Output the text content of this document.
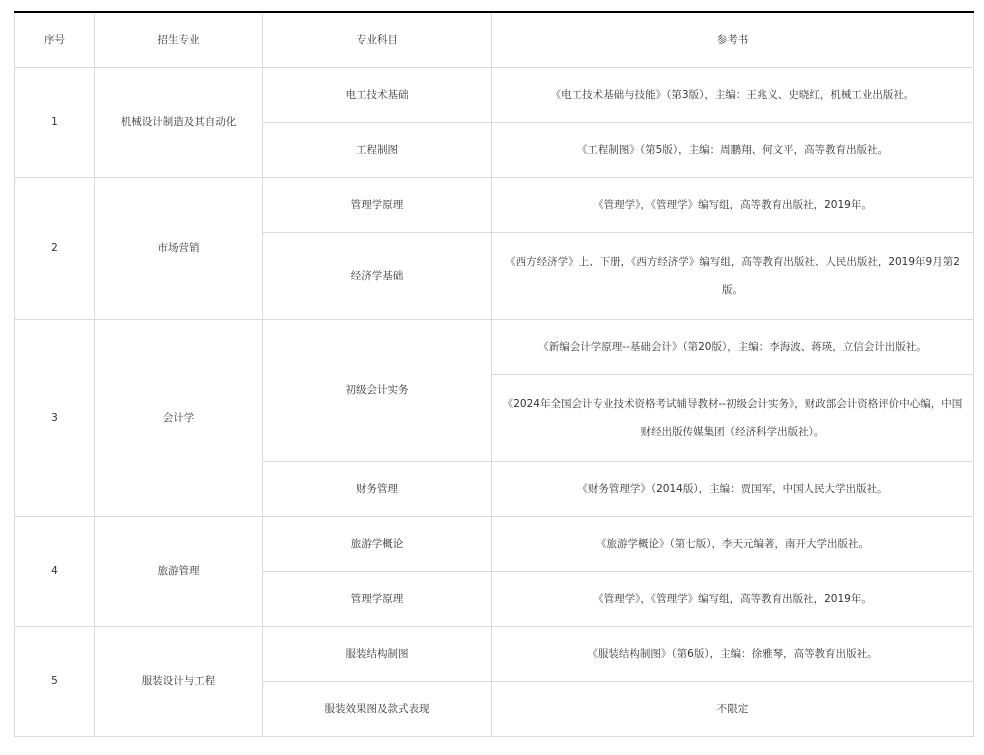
序号	招生专业	专业科目	参考书
1	机械设计制造及其自动化	电工技术基础	《电工技术基础与技能》（第3版），主编：王兆义、史晓红，机械工业出版社。
		工程制图	《工程制图》（第5版），主编：周鹏翔、何文平，高等教育出版社。
2	市场营销	管理学原理	《管理学》，《管理学》编写组，高等教育出版社，2019年。
		经济学基础	《西方经济学》上、下册，《西方经济学》编写组，高等教育出版社、人民出版社，2019年9月第2版。
3	会计学	初级会计实务	《新编会计学原理--基础会计》（第20版），主编：李海波、蒋瑛，立信会计出版社。
			《2024年全国会计专业技术资格考试辅导教材--初级会计实务》，财政部会计资格评价中心编，中国财经出版传媒集团（经济科学出版社）。
		财务管理	《财务管理学》（2014版），主编：贾国军，中国人民大学出版社。
4	旅游管理	旅游学概论	《旅游学概论》（第七版），李天元编著，南开大学出版社。
		管理学原理	《管理学》，《管理学》编写组，高等教育出版社，2019年。
5	服装设计与工程	服装结构制图	《服装结构制图》（第6版），主编：徐雅琴，高等教育出版社。
		服装效果图及款式表现	不限定
